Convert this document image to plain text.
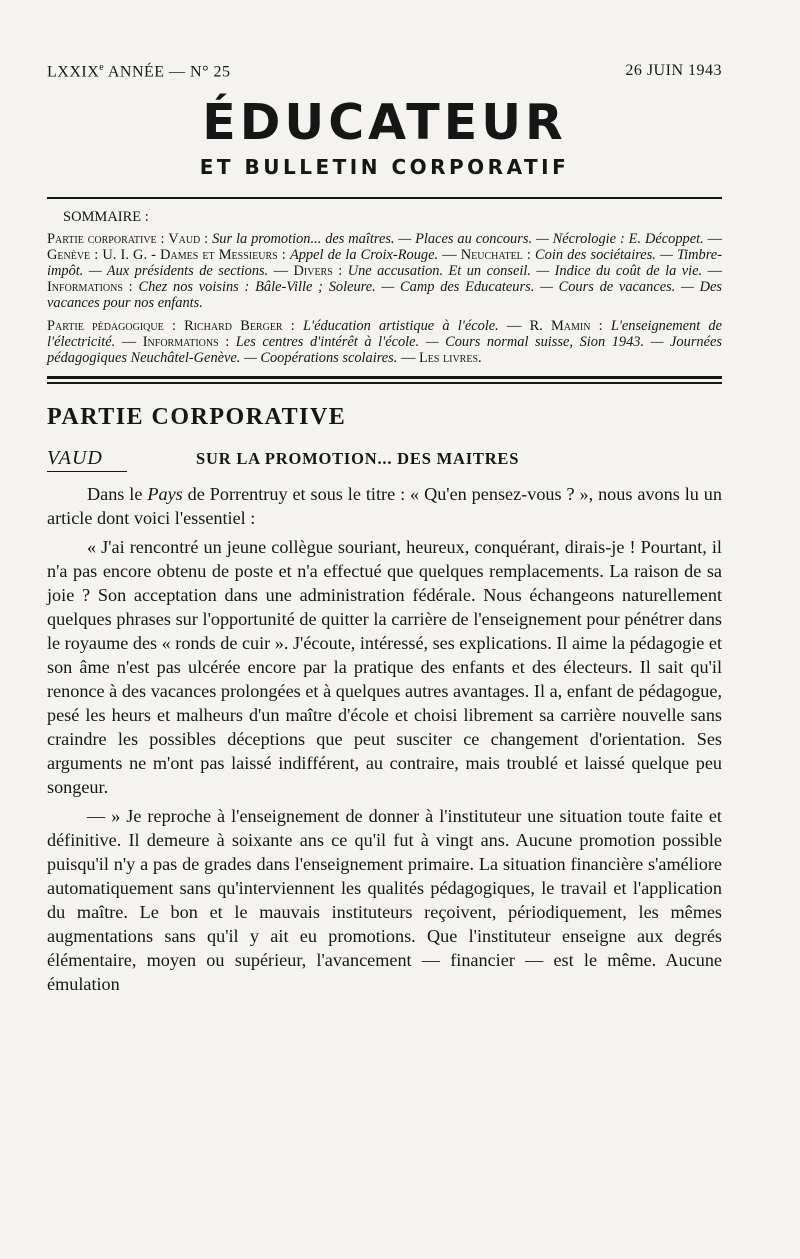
LXXIXe ANNÉE — N° 25	26 JUIN 1943
ÉDUCATEUR
ET BULLETIN CORPORATIF
SOMMAIRE :

Partie corporative : Vaud : Sur la promotion... des maîtres. — Places au concours. — Nécrologie : E. Décoppet. — Genève : U. I. G. - Dames et Messieurs : Appel de la Croix-Rouge. — Neuchatel : Coin des sociétaires. — Timbre-impôt. — Aux présidents de sections. — Divers : Une accusation. Et un conseil. — Indice du coût de la vie. — Informations : Chez nos voisins : Bâle-Ville ; Soleure. — Camp des Educateurs. — Cours de vacances. — Des vacances pour nos enfants.

Partie pédagogique : Richard Berger : L'éducation artistique à l'école. — R. Mamin : L'enseignement de l'électricité. — Informations : Les centres d'intérêt à l'école. — Cours normal suisse, Sion 1943. — Journées pédagogiques Neuchâtel-Genève. — Coopérations scolaires. — Les livres.

PARTIE CORPORATIVE
VAUD	SUR LA PROMOTION... DES MAITRES

Dans le Pays de Porrentruy et sous le titre : « Qu'en pensez-vous ? », nous avons lu un article dont voici l'essentiel :

« J'ai rencontré un jeune collègue souriant, heureux, conquérant, dirais-je ! Pourtant, il n'a pas encore obtenu de poste et n'a effectué que quelques remplacements. La raison de sa joie ? Son acceptation dans une administration fédérale. Nous échangeons naturellement quelques phrases sur l'opportunité de quitter la carrière de l'enseignement pour pénétrer dans le royaume des « ronds de cuir ». J'écoute, intéressé, ses explications. Il aime la pédagogie et son âme n'est pas ulcérée encore par la pratique des enfants et des électeurs. Il sait qu'il renonce à des vacances prolongées et à quelques autres avantages. Il a, enfant de pédagogue, pesé les heurs et malheurs d'un maître d'école et choisi librement sa carrière nouvelle sans craindre les possibles déceptions que peut susciter ce changement d'orientation. Ses arguments ne m'ont pas laissé indifférent, au contraire, mais troublé et laissé quelque peu songeur.

— » Je reproche à l'enseignement de donner à l'instituteur une situation toute faite et définitive. Il demeure à soixante ans ce qu'il fut à vingt ans. Aucune promotion possible puisqu'il n'y a pas de grades dans l'enseignement primaire. La situation financière s'améliore automatiquement sans qu'interviennent les qualités pédagogiques, le travail et l'application du maître. Le bon et le mauvais instituteurs reçoivent, périodiquement, les mêmes augmentations sans qu'il y ait eu promotions. Que l'instituteur enseigne aux degrés élémentaire, moyen ou supérieur, l'avancement — financier — est le même. Aucune émulation
